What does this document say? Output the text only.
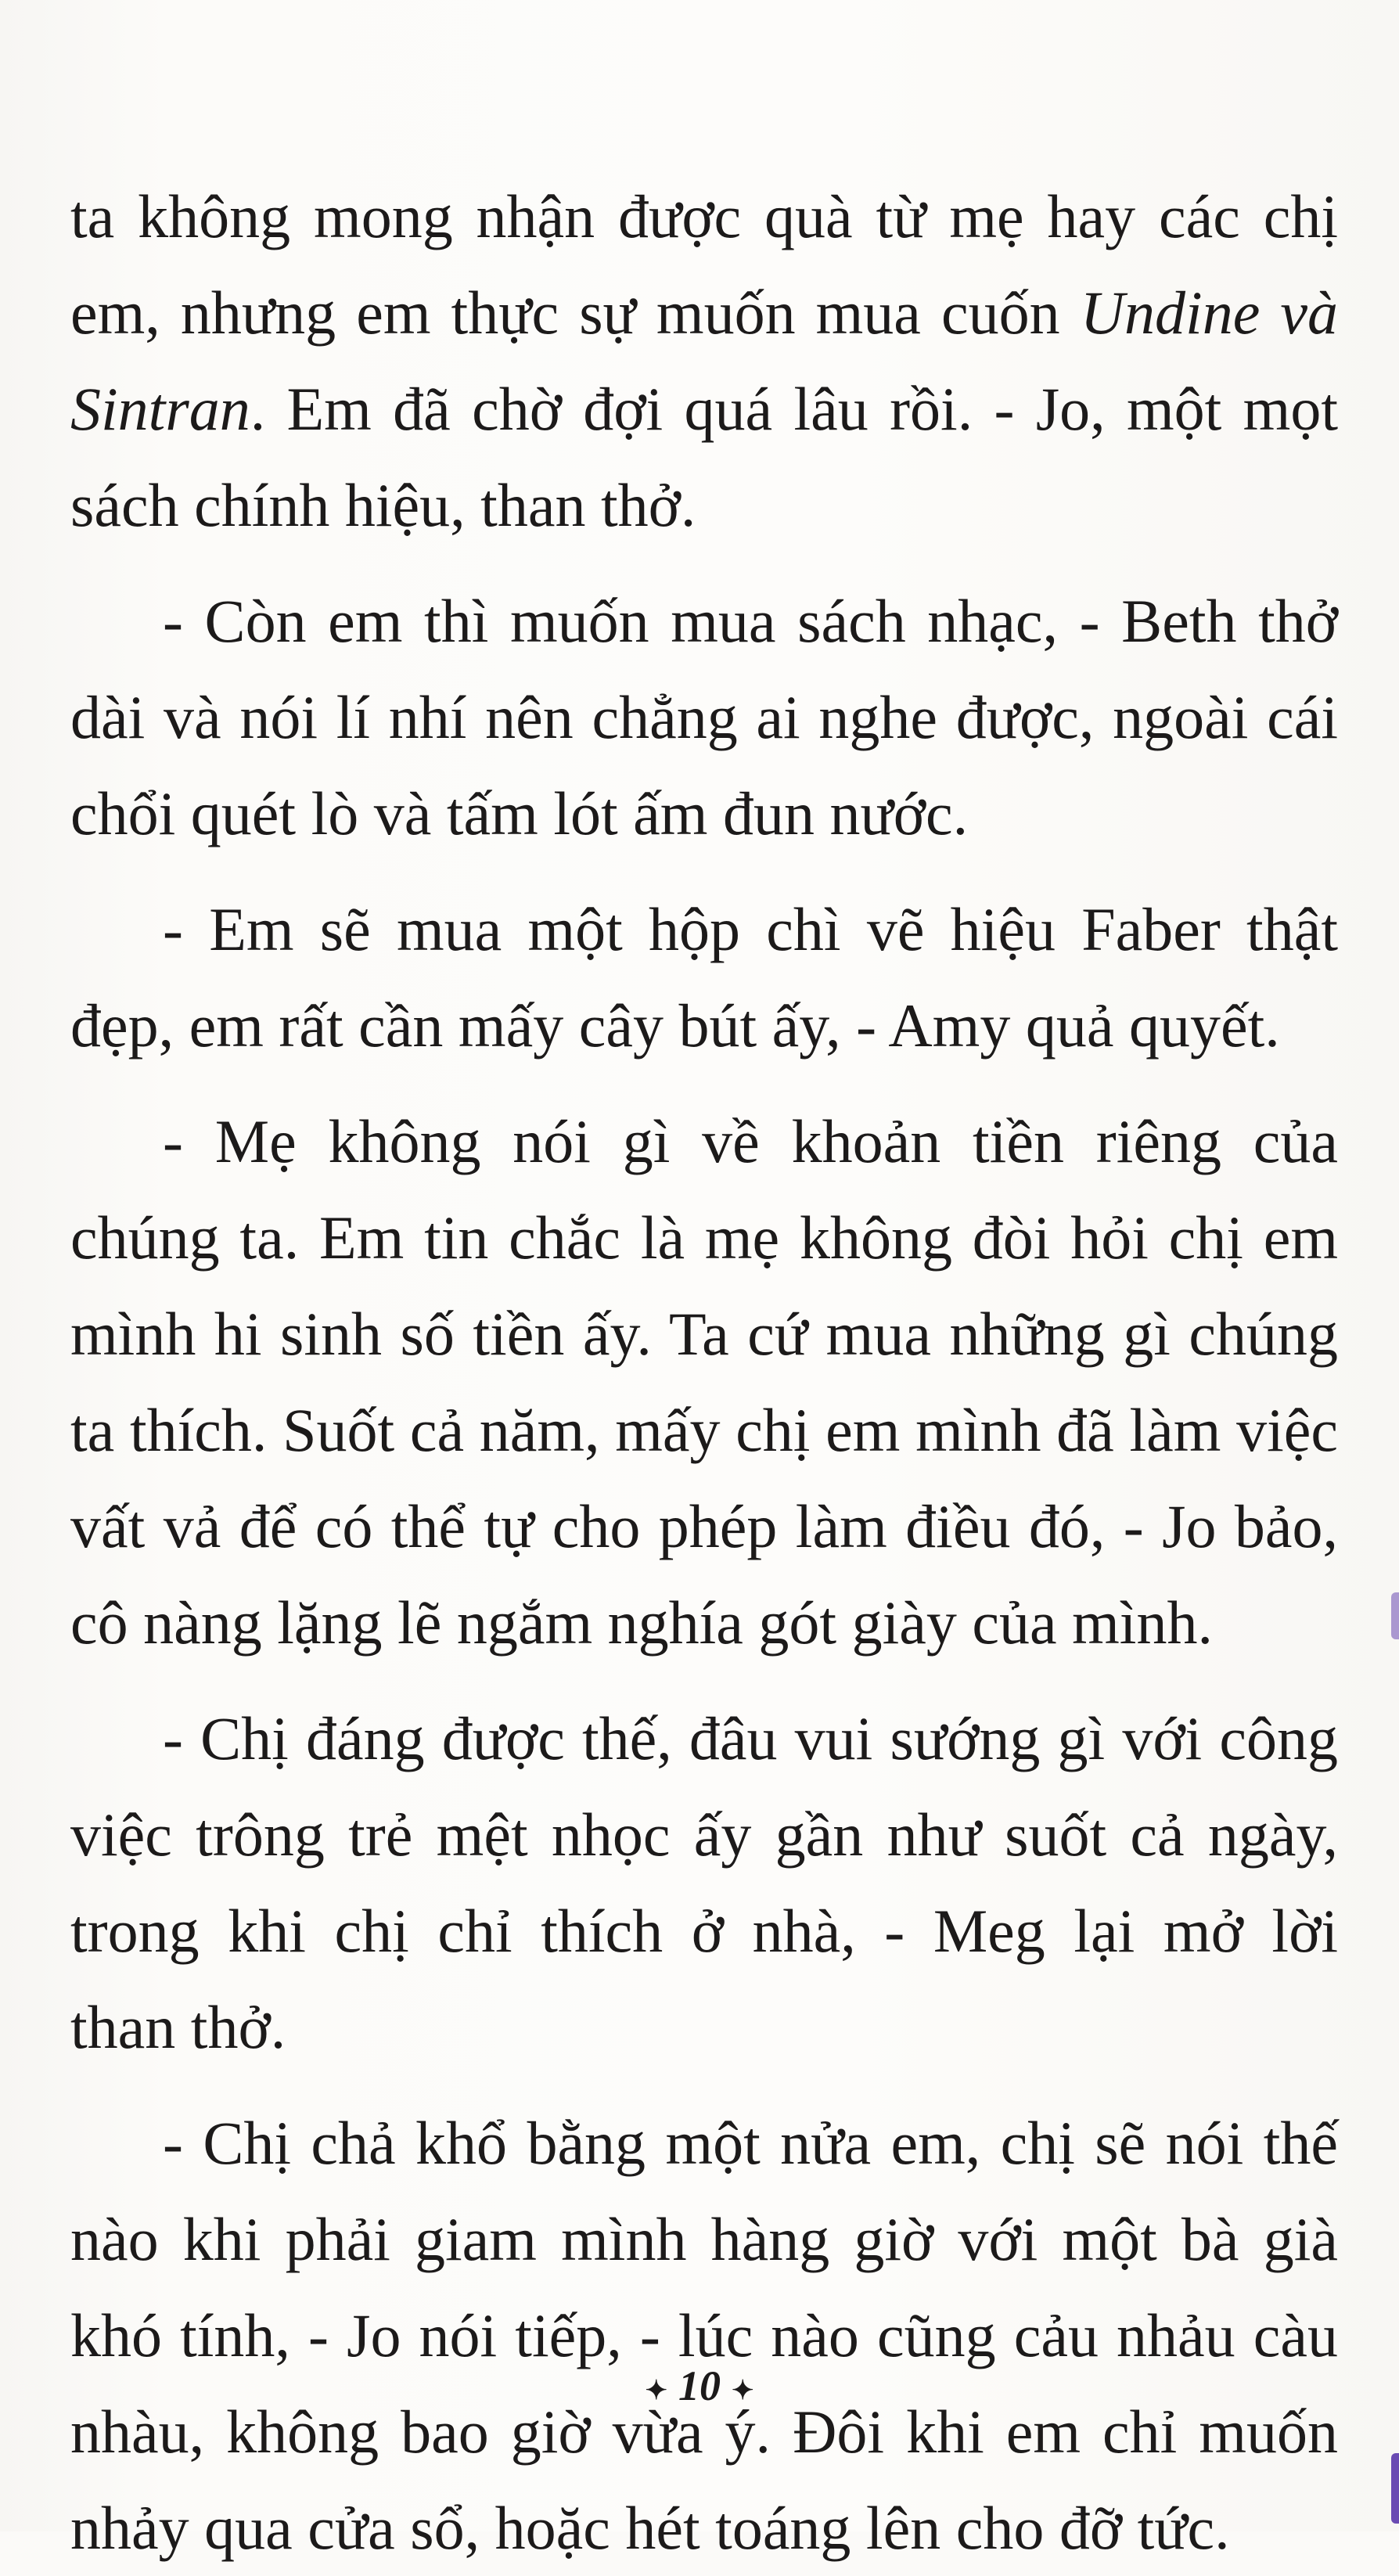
ta không mong nhận được quà từ mẹ hay các chị
em, nhưng em thực sự muốn mua cuốn Undine và
Sintran. Em đã chờ đợi quá lâu rồi. - Jo, một mọt
sách chính hiệu, than thở.
- Còn em thì muốn mua sách nhạc, - Beth thở
dài và nói lí nhí nên chẳng ai nghe được, ngoài cái
chổi quét lò và tấm lót ấm đun nước.
- Em sẽ mua một hộp chì vẽ hiệu Faber thật
đẹp, em rất cần mấy cây bút ấy, - Amy quả quyết.
- Mẹ không nói gì về khoản tiền riêng của
chúng ta. Em tin chắc là mẹ không đòi hỏi chị em
mình hi sinh số tiền ấy. Ta cứ mua những gì chúng
ta thích. Suốt cả năm, mấy chị em mình đã làm việc
vất vả để có thể tự cho phép làm điều đó, - Jo bảo,
cô nàng lặng lẽ ngắm nghía gót giày của mình.
- Chị đáng được thế, đâu vui sướng gì với công
việc trông trẻ mệt nhọc ấy gần như suốt cả ngày,
trong khi chị chỉ thích ở nhà, - Meg lại mở lời
than thở.
- Chị chả khổ bằng một nửa em, chị sẽ nói thế
nào khi phải giam mình hàng giờ với một bà già
khó tính, - Jo nói tiếp, - lúc nào cũng cảu nhảu càu
nhàu, không bao giờ vừa ý. Đôi khi em chỉ muốn
nhảy qua cửa sổ, hoặc hét toáng lên cho đỡ tức.
✦ 10 ✦
